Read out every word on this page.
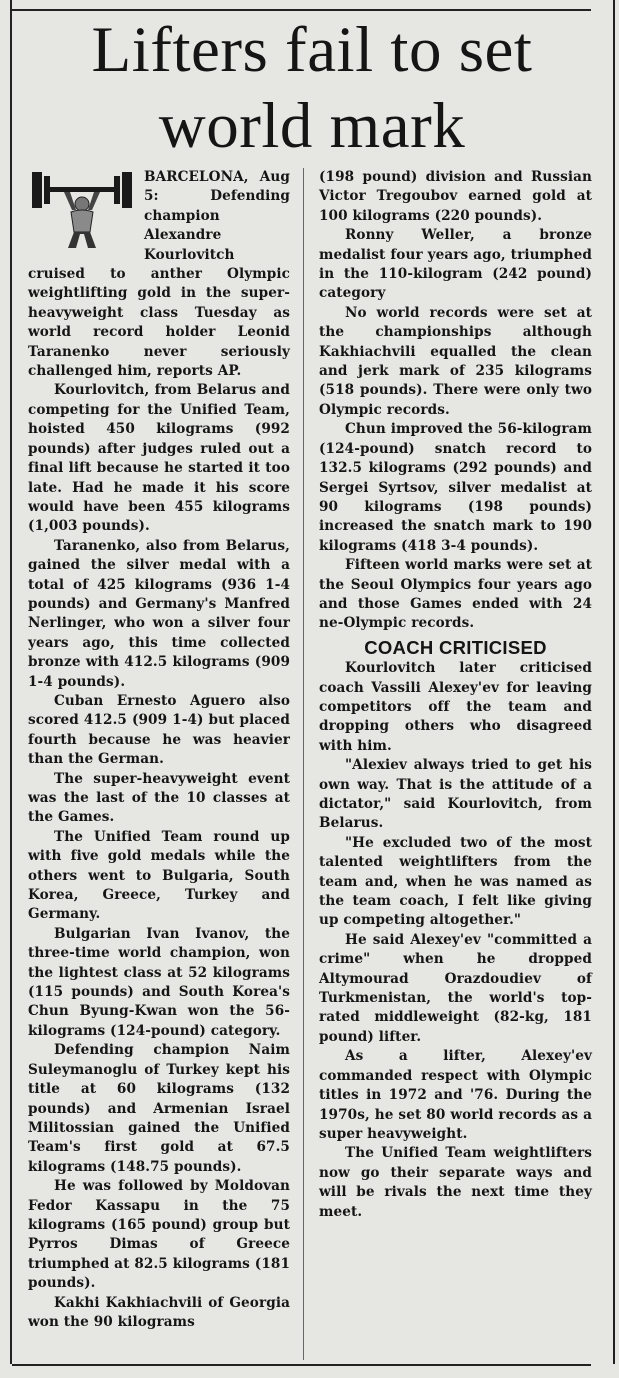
Lifters fail to set world mark

BARCELONA, Aug 5: Defending champion Alexandre Kourlovitch cruised to anther Olympic weightlifting gold in the super-heavyweight class Tuesday as world record holder Leonid Taranenko never seriously challenged him, reports AP.

Kourlovitch, from Belarus and competing for the Unified Team, hoisted 450 kilograms (992 pounds) after judges ruled out a final lift because he started it too late. Had he made it his score would have been 455 kilograms (1,003 pounds).

Taranenko, also from Belarus, gained the silver medal with a total of 425 kilograms (936 1-4 pounds) and Germany's Manfred Nerlinger, who won a silver four years ago, this time collected bronze with 412.5 kilograms (909 1-4 pounds).

Cuban Ernesto Aguero also scored 412.5 (909 1-4) but placed fourth because he was heavier than the German.

The super-heavyweight event was the last of the 10 classes at the Games.

The Unified Team round up with five gold medals while the others went to Bulgaria, South Korea, Greece, Turkey and Germany.

Bulgarian Ivan Ivanov, the three-time world champion, won the lightest class at 52 kilograms (115 pounds) and South Korea's Chun Byung-Kwan won the 56-kilograms (124-pound) category.

Defending champion Naim Suleymanoglu of Turkey kept his title at 60 kilograms (132 pounds) and Armenian Israel Militossian gained the Unified Team's first gold at 67.5 kilograms (148.75 pounds).

He was followed by Moldovan Fedor Kassapu in the 75 kilograms (165 pound) group but Pyrros Dimas of Greece triumphed at 82.5 kilograms (181 pounds).

Kakhi Kakhiachvili of Georgia won the 90 kilograms

(198 pound) division and Russian Victor Tregoubov earned gold at 100 kilograms (220 pounds).

Ronny Weller, a bronze medalist four years ago, triumphed in the 110-kilogram (242 pound) category

No world records were set at the championships although Kakhiachvili equalled the clean and jerk mark of 235 kilograms (518 pounds). There were only two Olympic records.

Chun improved the 56-kilogram (124-pound) snatch record to 132.5 kilograms (292 pounds) and Sergei Syrtsov, silver medalist at 90 kilograms (198 pounds) increased the snatch mark to 190 kilograms (418 3-4 pounds).

Fifteen world marks were set at the Seoul Olympics four years ago and those Games ended with 24 ne-Olympic records.

COACH CRITICISED

Kourlovitch later criticised coach Vassili Alexey'ev for leaving competitors off the team and dropping others who disagreed with him.

"Alexiev always tried to get his own way. That is the attitude of a dictator," said Kourlovitch, from Belarus.

"He excluded two of the most talented weightlifters from the team and, when he was named as the team coach, I felt like giving up competing altogether."

He said Alexey'ev "committed a crime" when he dropped Altymourad Orazdoudiev of Turkmenistan, the world's top-rated middleweight (82-kg, 181 pound) lifter.

As a lifter, Alexey'ev commanded respect with Olympic titles in 1972 and '76. During the 1970s, he set 80 world records as a super heavyweight.

The Unified Team weightlifters now go their separate ways and will be rivals the next time they meet.
